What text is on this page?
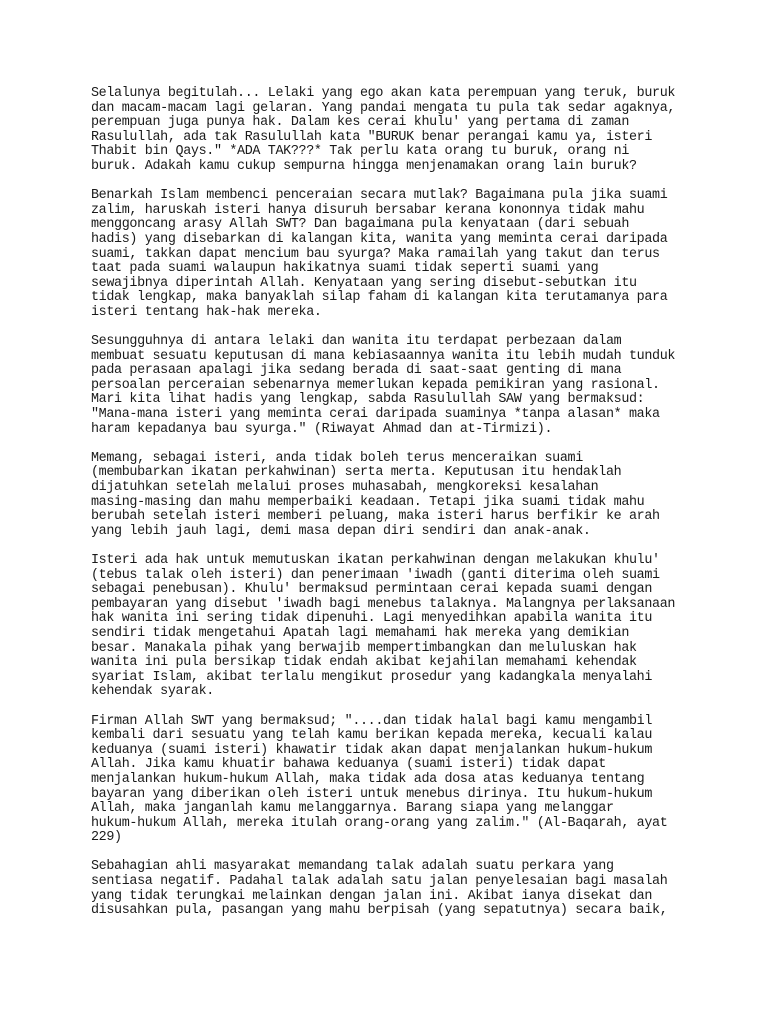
Selalunya begitulah... Lelaki yang ego akan kata perempuan yang teruk, buruk
dan macam-macam lagi gelaran. Yang pandai mengata tu pula tak sedar agaknya,
perempuan juga punya hak. Dalam kes cerai khulu' yang pertama di zaman
Rasulullah, ada tak Rasulullah kata "BURUK benar perangai kamu ya, isteri
Thabit bin Qays." *ADA TAK???* Tak perlu kata orang tu buruk, orang ni
buruk. Adakah kamu cukup sempurna hingga menjenamakan orang lain buruk?
Benarkah Islam membenci penceraian secara mutlak? Bagaimana pula jika suami
zalim, haruskah isteri hanya disuruh bersabar kerana kononnya tidak mahu
menggoncang arasy Allah SWT? Dan bagaimana pula kenyataan (dari sebuah
hadis) yang disebarkan di kalangan kita, wanita yang meminta cerai daripada
suami, takkan dapat mencium bau syurga? Maka ramailah yang takut dan terus
taat pada suami walaupun hakikatnya suami tidak seperti suami yang
sewajibnya diperintah Allah. Kenyataan yang sering disebut-sebutkan itu
tidak lengkap, maka banyaklah silap faham di kalangan kita terutamanya para
isteri tentang hak-hak mereka.
Sesungguhnya di antara lelaki dan wanita itu terdapat perbezaan dalam
membuat sesuatu keputusan di mana kebiasaannya wanita itu lebih mudah tunduk
pada perasaan apalagi jika sedang berada di saat-saat genting di mana
persoalan perceraian sebenarnya memerlukan kepada pemikiran yang rasional.
Mari kita lihat hadis yang lengkap, sabda Rasulullah SAW yang bermaksud:
"Mana-mana isteri yang meminta cerai daripada suaminya *tanpa alasan* maka
haram kepadanya bau syurga." (Riwayat Ahmad dan at-Tirmizi).
Memang, sebagai isteri, anda tidak boleh terus menceraikan suami
(membubarkan ikatan perkahwinan) serta merta. Keputusan itu hendaklah
dijatuhkan setelah melalui proses muhasabah, mengkoreksi kesalahan
masing-masing dan mahu memperbaiki keadaan. Tetapi jika suami tidak mahu
berubah setelah isteri memberi peluang, maka isteri harus berfikir ke arah
yang lebih jauh lagi, demi masa depan diri sendiri dan anak-anak.
Isteri ada hak untuk memutuskan ikatan perkahwinan dengan melakukan khulu'
(tebus talak oleh isteri) dan penerimaan 'iwadh (ganti diterima oleh suami
sebagai penebusan). Khulu' bermaksud permintaan cerai kepada suami dengan
pembayaran yang disebut 'iwadh bagi menebus talaknya. Malangnya perlaksanaan
hak wanita ini sering tidak dipenuhi. Lagi menyedihkan apabila wanita itu
sendiri tidak mengetahui Apatah lagi memahami hak mereka yang demikian
besar. Manakala pihak yang berwajib mempertimbangkan dan meluluskan hak
wanita ini pula bersikap tidak endah akibat kejahilan memahami kehendak
syariat Islam, akibat terlalu mengikut prosedur yang kadangkala menyalahi
kehendak syarak.
Firman Allah SWT yang bermaksud; "....dan tidak halal bagi kamu mengambil
kembali dari sesuatu yang telah kamu berikan kepada mereka, kecuali kalau
keduanya (suami isteri) khawatir tidak akan dapat menjalankan hukum-hukum
Allah. Jika kamu khuatir bahawa keduanya (suami isteri) tidak dapat
menjalankan hukum-hukum Allah, maka tidak ada dosa atas keduanya tentang
bayaran yang diberikan oleh isteri untuk menebus dirinya. Itu hukum-hukum
Allah, maka janganlah kamu melanggarnya. Barang siapa yang melanggar
hukum-hukum Allah, mereka itulah orang-orang yang zalim." (Al-Baqarah, ayat
229)
Sebahagian ahli masyarakat memandang talak adalah suatu perkara yang
sentiasa negatif. Padahal talak adalah satu jalan penyelesaian bagi masalah
yang tidak terungkai melainkan dengan jalan ini. Akibat ianya disekat dan
disusahkan pula, pasangan yang mahu berpisah (yang sepatutnya) secara baik,
